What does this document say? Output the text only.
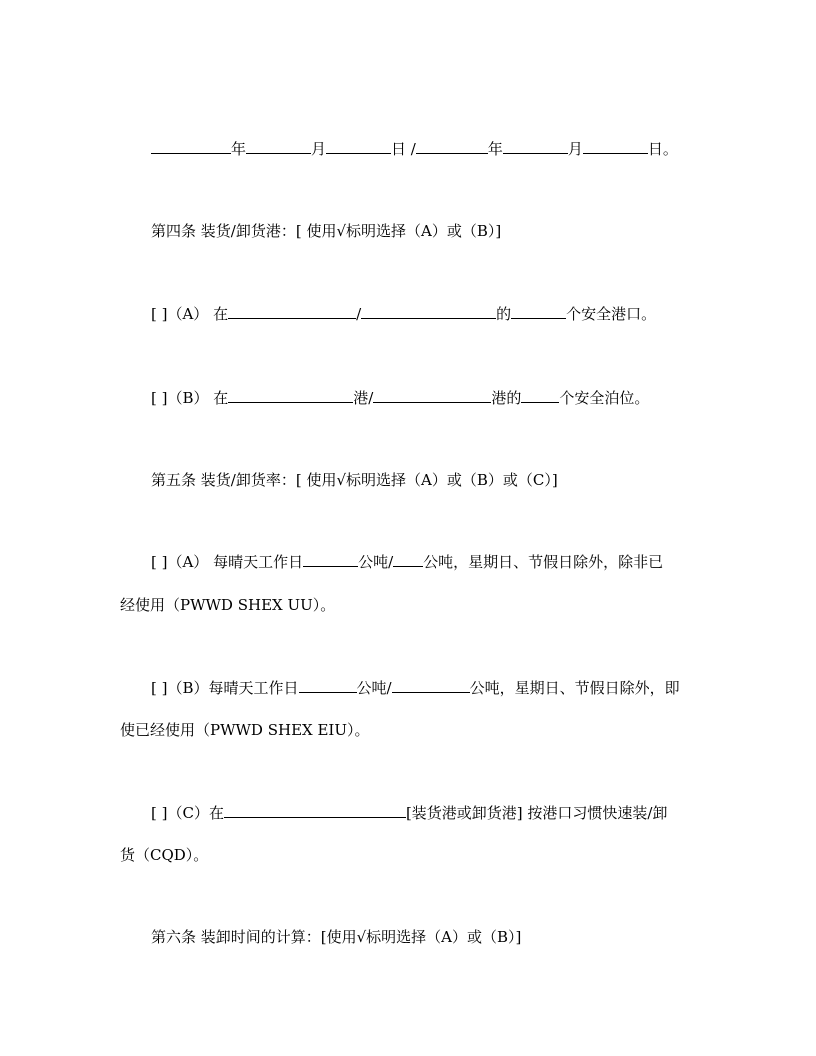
年	月	日 /	年	月	日。
第四条 装货/卸货港：[ 使用√标明选择（A）或（B）]
[ ]（A） 在	/	的	个安全港口。
[ ]（B） 在	港/	港的	个安全泊位。
第五条 装货/卸货率：[ 使用√标明选择（A）或（B）或（C）]
[ ]（A） 每晴天工作日	公吨/ 公吨，星期日、节假日除外，除非已
经使用（PWWD SHEX UU）。
[ ]（B）每晴天工作日	公吨/	公吨，星期日、节假日除外，即
使已经使用（PWWD SHEX EIU）。
[ ]（C）在	[装货港或卸货港] 按港口习惯快速装/卸
货（CQD）。
第六条 装卸时间的计算：[使用√标明选择（A）或（B）]
